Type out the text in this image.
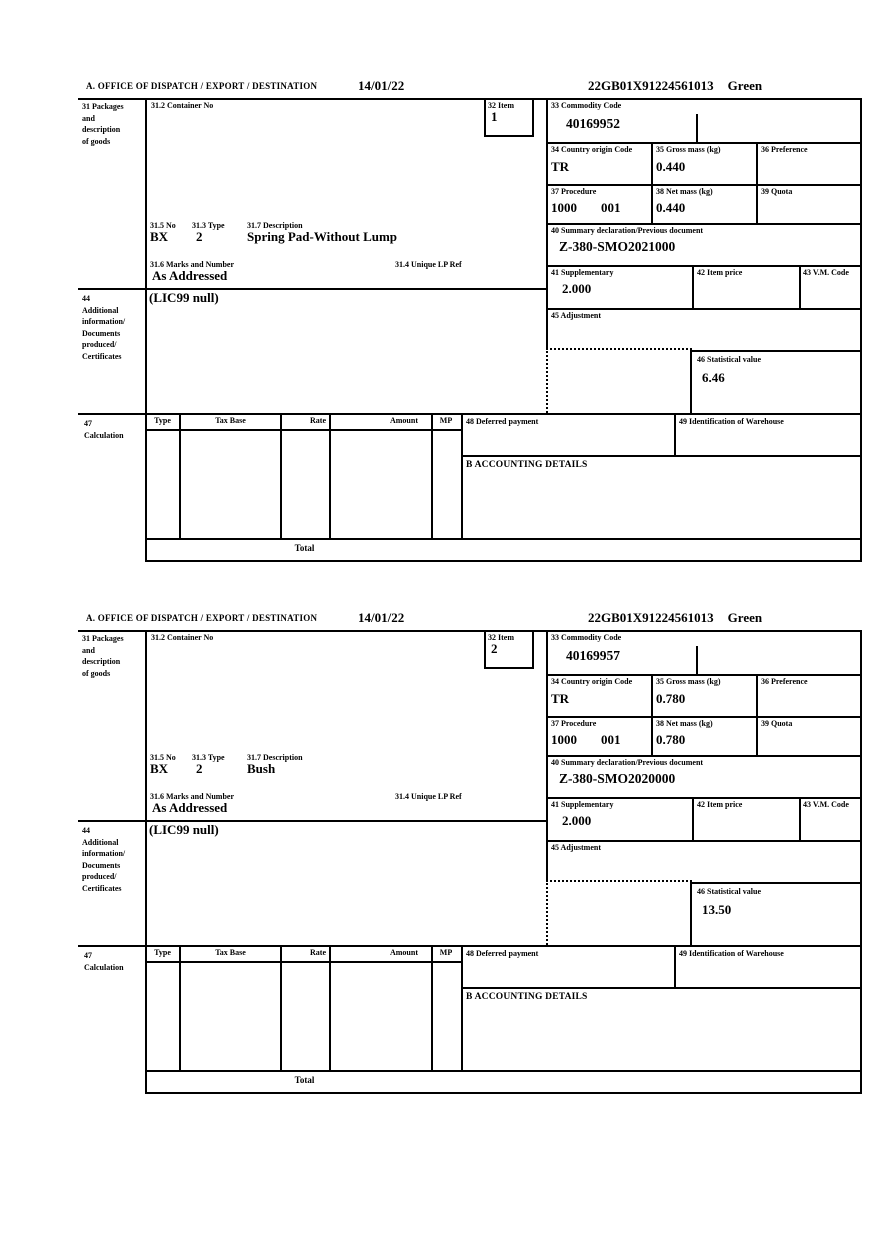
A. OFFICE OF DISPATCH / EXPORT / DESTINATION	14/01/22	22GB01X91224561013 Green
31 Packages
and
description
of goods
31.2 Container No	32 Item
1
33 Commodity Code
40169952
34 Country origin Code
TR
35 Gross mass (kg)
0.440
36 Preference
37 Procedure
1000 001
38 Net mass (kg)
0.440
39 Quota
40 Summary declaration/Previous document
Z-380-SMO2021000
41 Supplementary
2.000
42 Item price	43 V.M. Code
45 Adjustment
46 Statistical value
6.46
31.5 No 31.3 Type	31.7 Description
BX 2	Spring Pad-Without Lump
31.6 Marks and Number	31.4 Unique LP Ref
As Addressed
44
Additional
information/
Documents
produced/
Certificates
(LIC99 null)
47
Calculation
Type	Tax Base	Rate	Amount	MP	48 Deferred payment	49 Identification of Warehouse
B ACCOUNTING DETAILS
Total
A. OFFICE OF DISPATCH / EXPORT / DESTINATION	14/01/22	22GB01X91224561013 Green
31 Packages
and
description
of goods
31.2 Container No	32 Item
2
33 Commodity Code
40169957
34 Country origin Code
TR
35 Gross mass (kg)
0.780
36 Preference
37 Procedure
1000 001
38 Net mass (kg)
0.780
39 Quota
40 Summary declaration/Previous document
Z-380-SMO2020000
41 Supplementary
2.000
42 Item price	43 V.M. Code
45 Adjustment
46 Statistical value
13.50
31.5 No 31.3 Type	31.7 Description
BX 2	Bush
31.6 Marks and Number	31.4 Unique LP Ref
As Addressed
44
Additional
information/
Documents
produced/
Certificates
(LIC99 null)
47
Calculation
Type	Tax Base	Rate	Amount	MP	48 Deferred payment	49 Identification of Warehouse
B ACCOUNTING DETAILS
Total
